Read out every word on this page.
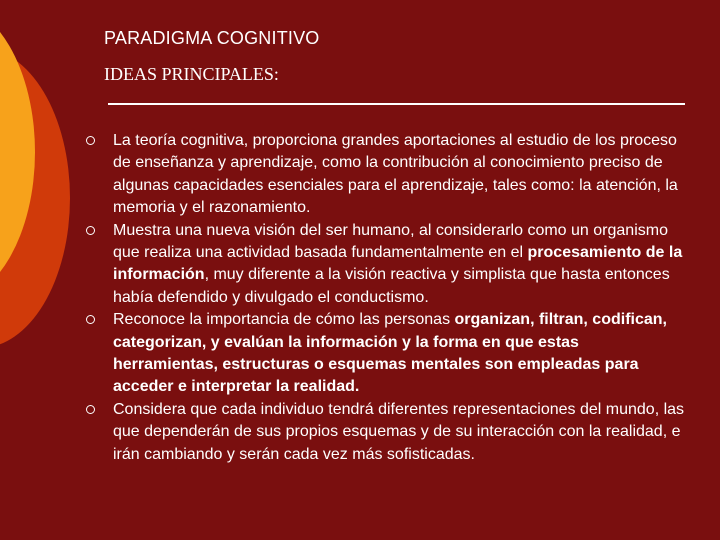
PARADIGMA COGNITIVO
IDEAS PRINCIPALES:
La teoría cognitiva, proporciona grandes aportaciones al estudio de los proceso de enseñanza y aprendizaje, como la contribución al conocimiento preciso de algunas capacidades esenciales para el aprendizaje, tales como: la atención, la memoria y el razonamiento.
Muestra una nueva visión del ser humano, al considerarlo como un organismo que realiza una actividad basada fundamentalmente en el procesamiento de la información, muy diferente a la visión reactiva y simplista que hasta entonces había defendido y divulgado el conductismo.
Reconoce la importancia de cómo las personas organizan, filtran, codifican, categorizan, y evalúan la información y la forma en que estas herramientas, estructuras o esquemas mentales son empleadas para acceder e interpretar la realidad.
Considera que cada individuo tendrá diferentes representaciones del mundo, las que dependerán de sus propios esquemas y de su interacción con la realidad, e irán cambiando y serán cada vez más sofisticadas.
